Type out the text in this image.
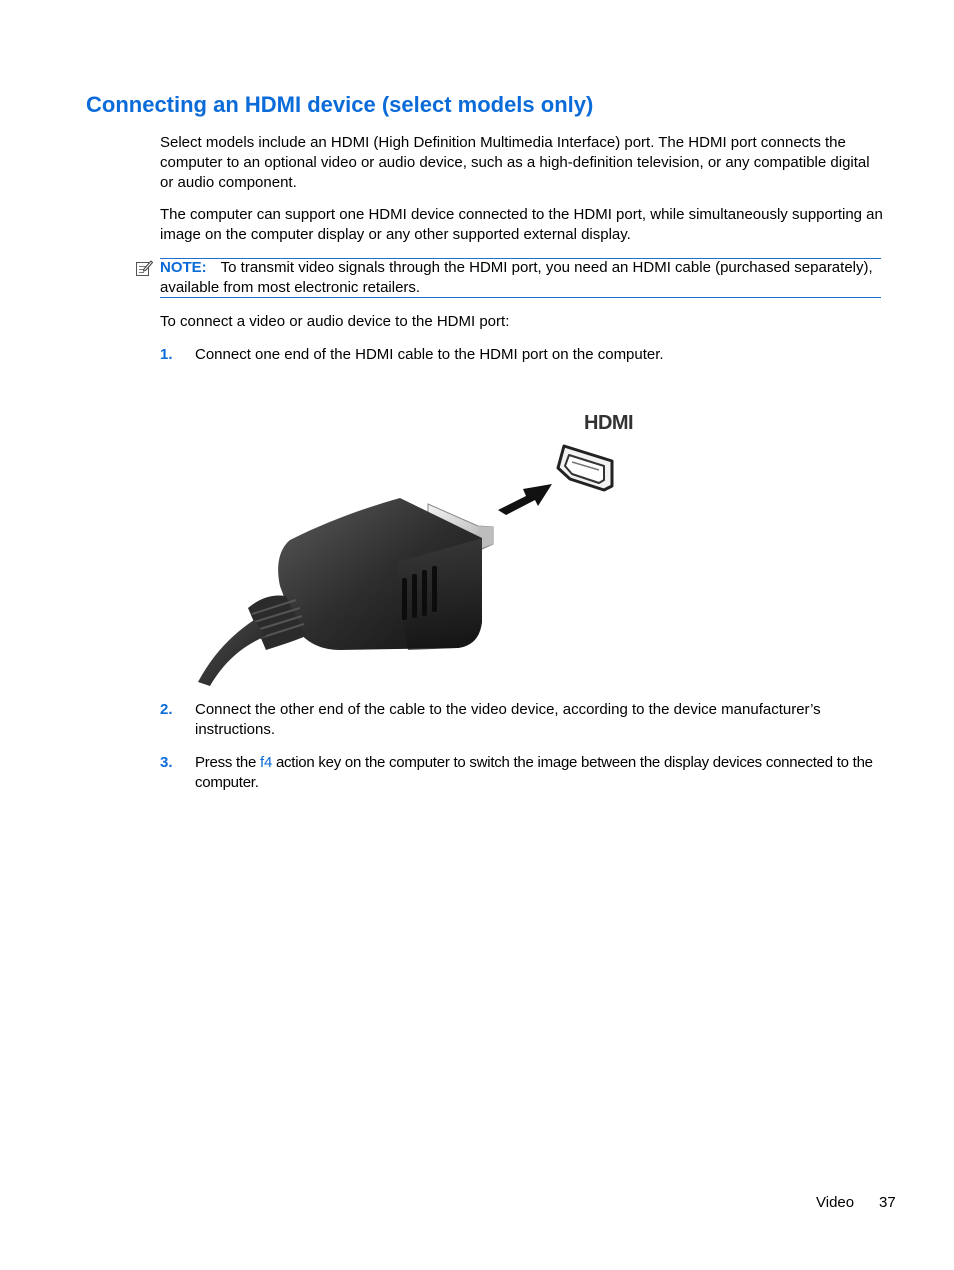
Connecting an HDMI device (select models only)

Select models include an HDMI (High Definition Multimedia Interface) port. The HDMI port connects the computer to an optional video or audio device, such as a high-definition television, or any compatible digital or audio component.

The computer can support one HDMI device connected to the HDMI port, while simultaneously supporting an image on the computer display or any other supported external display.

NOTE: To transmit video signals through the HDMI port, you need an HDMI cable (purchased separately), available from most electronic retailers.

To connect a video or audio device to the HDMI port:

1. Connect one end of the HDMI cable to the HDMI port on the computer.

HDMI
2. Connect the other end of the cable to the video device, according to the device manufacturer’s instructions.

3. Press the f4 action key on the computer to switch the image between the display devices connected to the computer.

Video 37
